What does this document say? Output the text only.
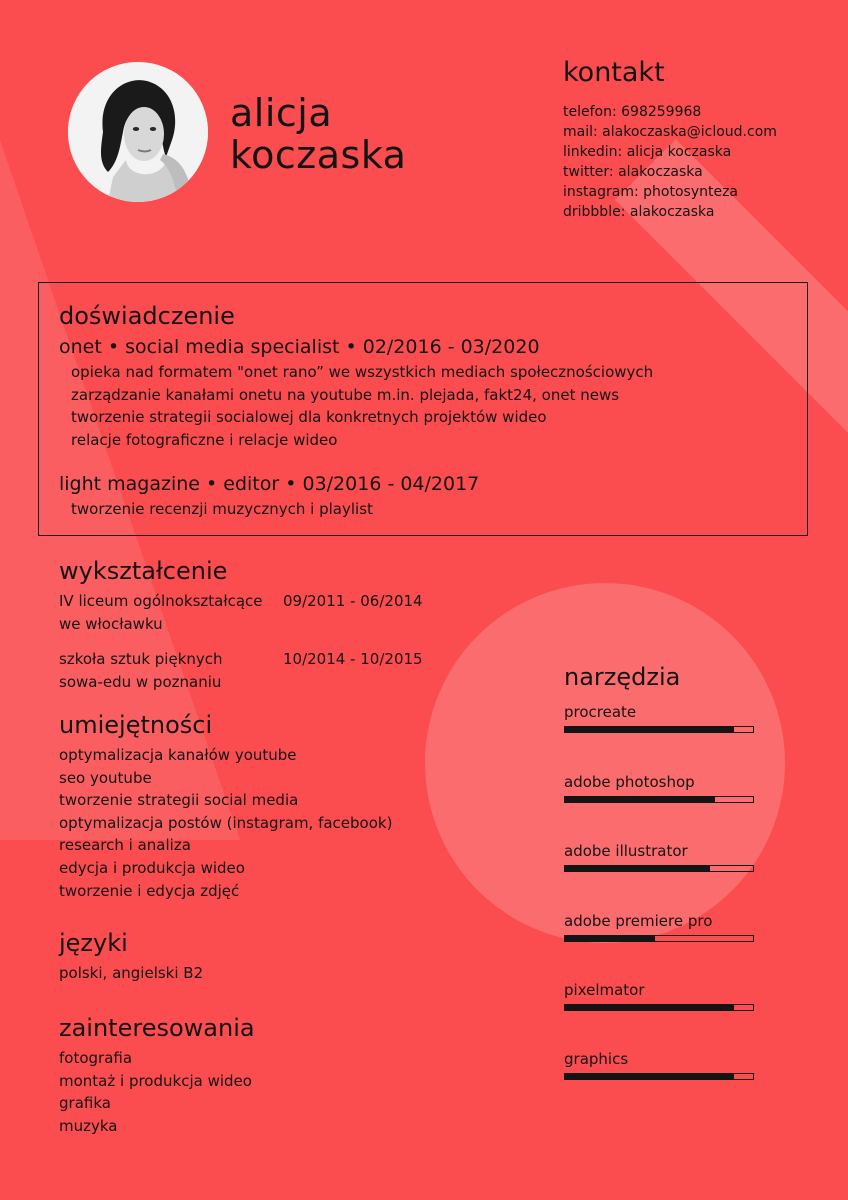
alicja
koczaska
kontakt
telefon: 698259968
mail: alakoczaska@icloud.com
linkedin: alicja koczaska
twitter: alakoczaska
instagram: photosynteza
dribbble: alakoczaska
doświadczenie
onet • social media specialist • 02/2016 - 03/2020
opieka nad formatem "onet rano” we wszystkich mediach społecznościowych
zarządzanie kanałami onetu na youtube m.in. plejada, fakt24, onet news
tworzenie strategii socialowej dla konkretnych projektów wideo
relacje fotograficzne i relacje wideo
light magazine • editor • 03/2016 - 04/2017
tworzenie recenzji muzycznych i playlist
wykształcenie
IV liceum ogólnokształcące
we włocławku
09/2011 - 06/2014
szkoła sztuk pięknych
sowa-edu w poznaniu
10/2014 - 10/2015
umiejętności
optymalizacja kanałów youtube
seo youtube
tworzenie strategii social media
optymalizacja postów (instagram, facebook)
research i analiza
edycja i produkcja wideo
tworzenie i edycja zdjęć
języki
polski, angielski B2
zainteresowania
fotografia
montaż i produkcja wideo
grafika
muzyka
narzędzia
procreate
adobe photoshop
adobe illustrator
adobe premiere pro
pixelmator
graphics
